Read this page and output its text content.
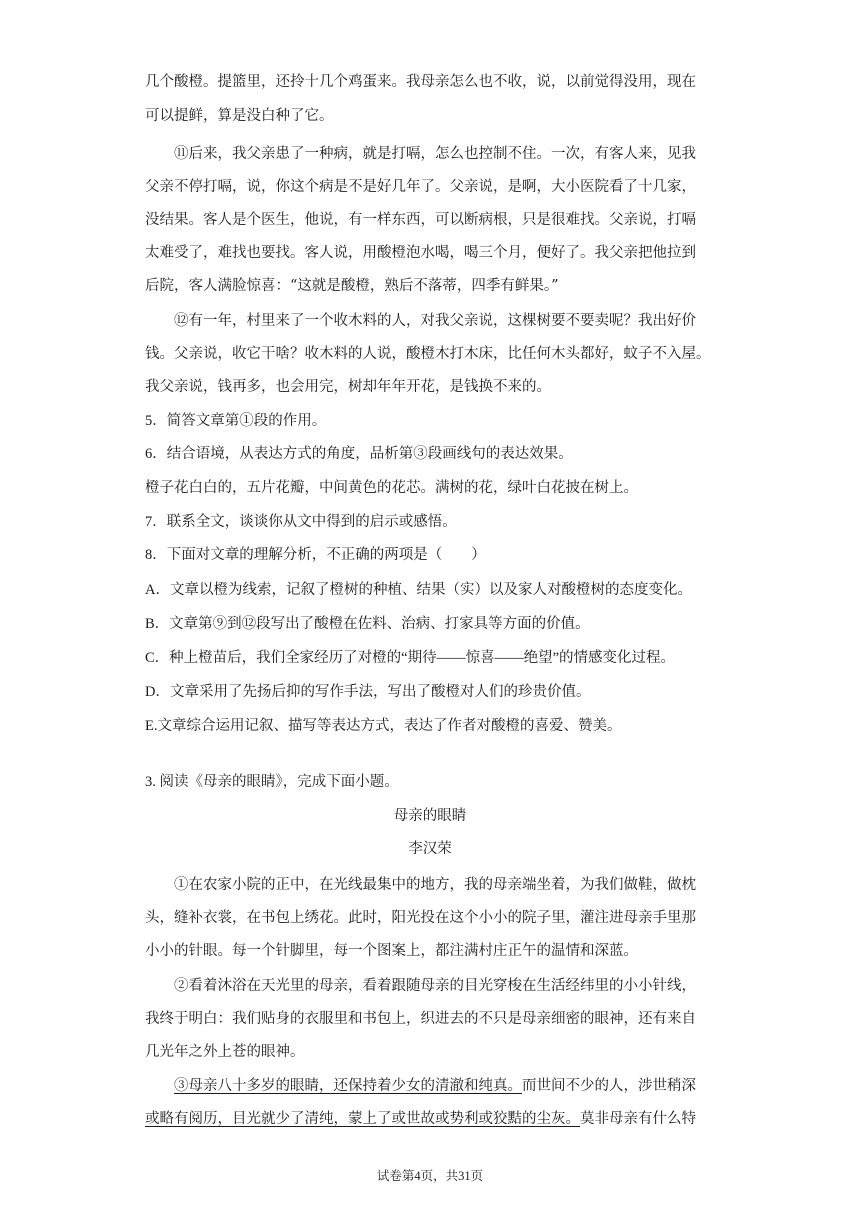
几个酸橙。提篮里，还拎十几个鸡蛋来。我母亲怎么也不收，说，以前觉得没用，现在
可以提鲜，算是没白种了它。
⑪后来，我父亲患了一种病，就是打嗝，怎么也控制不住。一次，有客人来，见我
父亲不停打嗝，说，你这个病是不是好几年了。父亲说，是啊，大小医院看了十几家，
没结果。客人是个医生，他说，有一样东西，可以断病根，只是很难找。父亲说，打嗝
太难受了，难找也要找。客人说，用酸橙泡水喝，喝三个月，便好了。我父亲把他拉到
后院，客人满脸惊喜：“这就是酸橙，熟后不落蒂，四季有鲜果。”
⑫有一年，村里来了一个收木料的人，对我父亲说，这棵树要不要卖呢？我出好价
钱。父亲说，收它干啥？收木料的人说，酸橙木打木床，比任何木头都好，蚊子不入屋。
我父亲说，钱再多，也会用完，树却年年开花，是钱换不来的。
5．简答文章第①段的作用。
6．结合语境，从表达方式的角度，品析第③段画线句的表达效果。
橙子花白白的，五片花瓣，中间黄色的花芯。满树的花，绿叶白花披在树上。
7．联系全文，谈谈你从文中得到的启示或感悟。
8．下面对文章的理解分析，不正确的两项是（　　）
A．文章以橙为线索，记叙了橙树的种植、结果（实）以及家人对酸橙树的态度变化。
B．文章第⑨到⑫段写出了酸橙在佐料、治病、打家具等方面的价值。
C．种上橙苗后，我们全家经历了对橙的“期待——惊喜——绝望”的情感变化过程。
D．文章采用了先扬后抑的写作手法，写出了酸橙对人们的珍贵价值。
E.文章综合运用记叙、描写等表达方式，表达了作者对酸橙的喜爱、赞美。
3. 阅读《母亲的眼睛》，完成下面小题。
母亲的眼睛
李汉荣
①在农家小院的正中，在光线最集中的地方，我的母亲端坐着，为我们做鞋，做枕
头，缝补衣裳，在书包上绣花。此时，阳光投在这个小小的院子里，灌注进母亲手里那
小小的针眼。每一个针脚里，每一个图案上，都注满村庄正午的温情和深蓝。
②看着沐浴在天光里的母亲，看着跟随母亲的目光穿梭在生活经纬里的小小针线，
我终于明白：我们贴身的衣服里和书包上，织进去的不只是母亲细密的眼神，还有来自
几光年之外上苍的眼神。
③母亲八十多岁的眼睛，还保持着少女的清澈和纯真。而世间不少的人，涉世稍深
或略有阅历，目光就少了清纯，蒙上了或世故或势利或狡黠的尘灰。莫非母亲有什么特
试卷第4页，共31页
